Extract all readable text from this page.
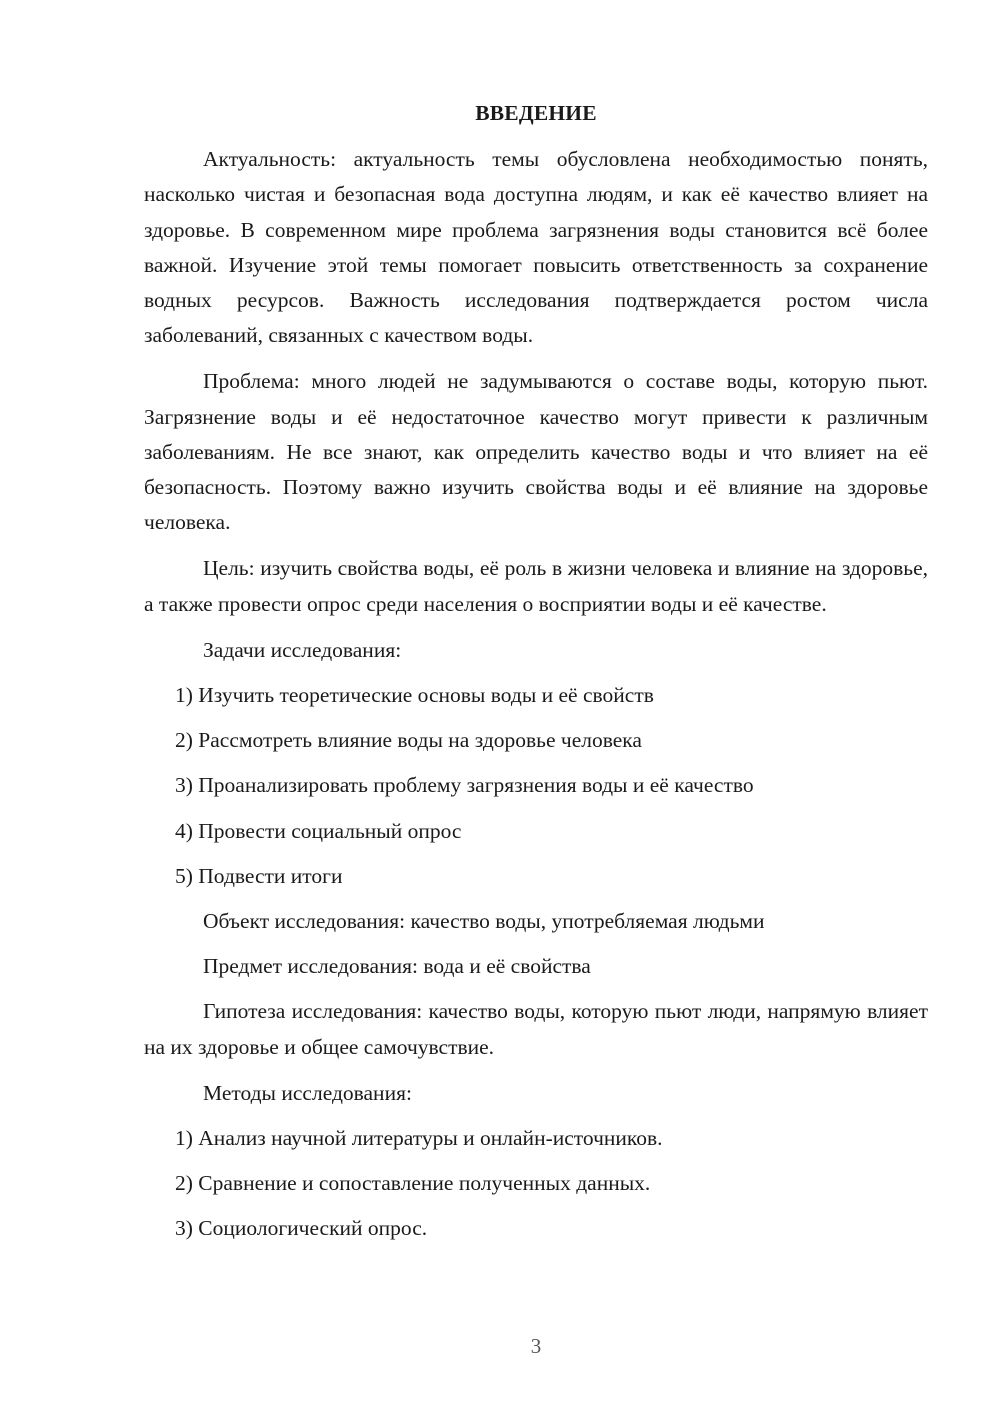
ВВЕДЕНИЕ
Актуальность: актуальность темы обусловлена необходимостью понять, насколько чистая и безопасная вода доступна людям, и как её качество влияет на здоровье. В современном мире проблема загрязнения воды становится всё более важной. Изучение этой темы помогает повысить ответственность за сохранение водных ресурсов. Важность исследования подтверждается ростом числа заболеваний, связанных с качеством воды.
Проблема: много людей не задумываются о составе воды, которую пьют. Загрязнение воды и её недостаточное качество могут привести к различным заболеваниям. Не все знают, как определить качество воды и что влияет на её безопасность. Поэтому важно изучить свойства воды и её влияние на здоровье человека.
Цель: изучить свойства воды, её роль в жизни человека и влияние на здоровье, а также провести опрос среди населения о восприятии воды и её качестве.
Задачи исследования:
1) Изучить теоретические основы воды и её свойств
2) Рассмотреть влияние воды на здоровье человека
3) Проанализировать проблему загрязнения воды и её качество
4) Провести социальный опрос
5) Подвести итоги
Объект исследования: качество воды, употребляемая людьми
Предмет исследования: вода и её свойства
Гипотеза исследования: качество воды, которую пьют люди, напрямую влияет на их здоровье и общее самочувствие.
Методы исследования:
1) Анализ научной литературы и онлайн-источников.
2) Сравнение и сопоставление полученных данных.
3) Социологический опрос.
3
